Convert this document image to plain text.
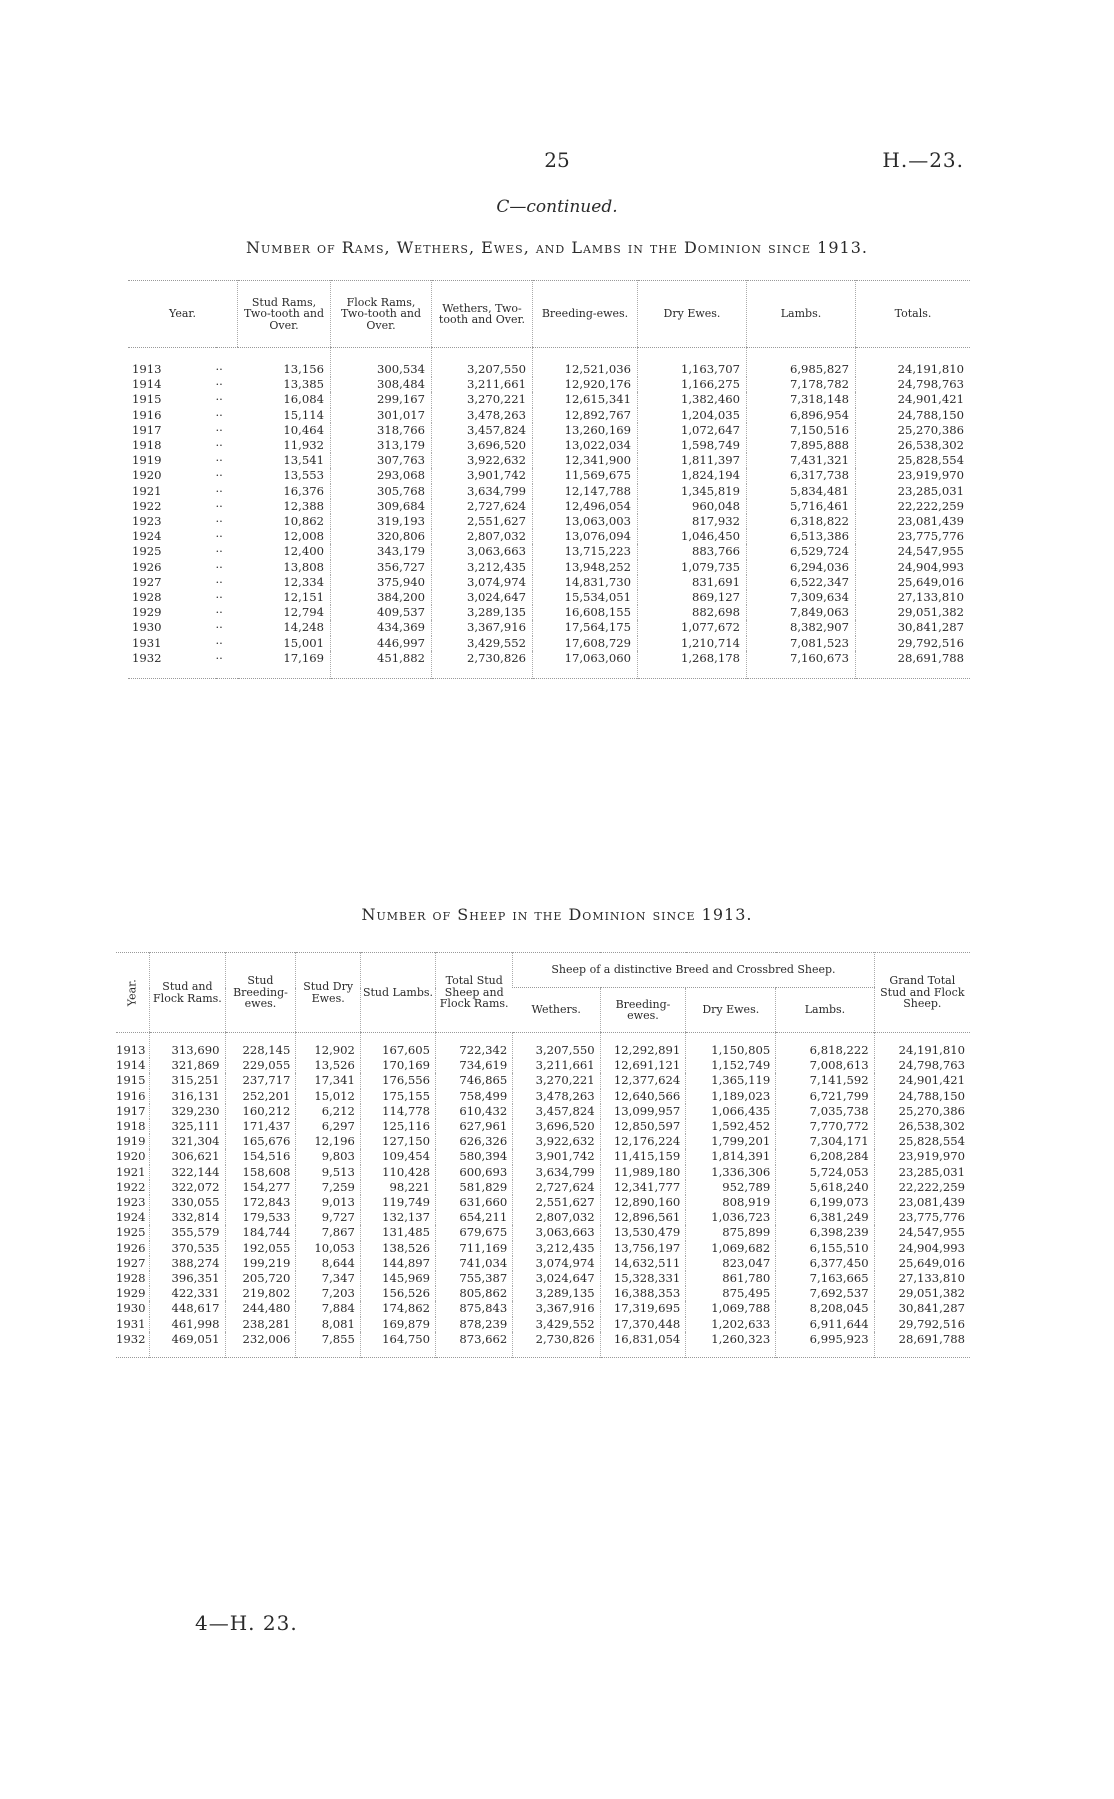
25	H.—23.
C—continued.
Number of Rams, Wethers, Ewes, and Lambs in the Dominion since 1913.
Year.		Stud Rams, Two-tooth and Over.	Flock Rams, Two-tooth and Over.	Wethers, Two-tooth and Over.	Breeding-ewes.	Dry Ewes.	Lambs.	Totals.
1913	··	13,156	300,534	3,207,550	12,521,036	1,163,707	6,985,827	24,191,810
1914	··	13,385	308,484	3,211,661	12,920,176	1,166,275	7,178,782	24,798,763
1915	··	16,084	299,167	3,270,221	12,615,341	1,382,460	7,318,148	24,901,421
1916	··	15,114	301,017	3,478,263	12,892,767	1,204,035	6,896,954	24,788,150
1917	··	10,464	318,766	3,457,824	13,260,169	1,072,647	7,150,516	25,270,386
1918	··	11,932	313,179	3,696,520	13,022,034	1,598,749	7,895,888	26,538,302
1919	··	13,541	307,763	3,922,632	12,341,900	1,811,397	7,431,321	25,828,554
1920	··	13,553	293,068	3,901,742	11,569,675	1,824,194	6,317,738	23,919,970
1921	··	16,376	305,768	3,634,799	12,147,788	1,345,819	5,834,481	23,285,031
1922	··	12,388	309,684	2,727,624	12,496,054	960,048	5,716,461	22,222,259
1923	··	10,862	319,193	2,551,627	13,063,003	817,932	6,318,822	23,081,439
1924	··	12,008	320,806	2,807,032	13,076,094	1,046,450	6,513,386	23,775,776
1925	··	12,400	343,179	3,063,663	13,715,223	883,766	6,529,724	24,547,955
1926	··	13,808	356,727	3,212,435	13,948,252	1,079,735	6,294,036	24,904,993
1927	··	12,334	375,940	3,074,974	14,831,730	831,691	6,522,347	25,649,016
1928	··	12,151	384,200	3,024,647	15,534,051	869,127	7,309,634	27,133,810
1929	··	12,794	409,537	3,289,135	16,608,155	882,698	7,849,063	29,051,382
1930	··	14,248	434,369	3,367,916	17,564,175	1,077,672	8,382,907	30,841,287
1931	··	15,001	446,997	3,429,552	17,608,729	1,210,714	7,081,523	29,792,516
1932	··	17,169	451,882	2,730,826	17,063,060	1,268,178	7,160,673	28,691,788
Number of Sheep in the Dominion since 1913.
Year.	Stud and Flock Rams.	Stud Breeding-ewes.	Stud Dry Ewes.	Stud Lambs.	Total Stud Sheep and Flock Rams.	Sheep of a distinctive Breed and Crossbred Sheep.				Grand Total Stud and Flock Sheep.
						Wethers.	Breeding-ewes.	Dry Ewes.	Lambs.	
1913	313,690	228,145	12,902	167,605	722,342	3,207,550	12,292,891	1,150,805	6,818,222	24,191,810
1914	321,869	229,055	13,526	170,169	734,619	3,211,661	12,691,121	1,152,749	7,008,613	24,798,763
1915	315,251	237,717	17,341	176,556	746,865	3,270,221	12,377,624	1,365,119	7,141,592	24,901,421
1916	316,131	252,201	15,012	175,155	758,499	3,478,263	12,640,566	1,189,023	6,721,799	24,788,150
1917	329,230	160,212	6,212	114,778	610,432	3,457,824	13,099,957	1,066,435	7,035,738	25,270,386
1918	325,111	171,437	6,297	125,116	627,961	3,696,520	12,850,597	1,592,452	7,770,772	26,538,302
1919	321,304	165,676	12,196	127,150	626,326	3,922,632	12,176,224	1,799,201	7,304,171	25,828,554
1920	306,621	154,516	9,803	109,454	580,394	3,901,742	11,415,159	1,814,391	6,208,284	23,919,970
1921	322,144	158,608	9,513	110,428	600,693	3,634,799	11,989,180	1,336,306	5,724,053	23,285,031
1922	322,072	154,277	7,259	98,221	581,829	2,727,624	12,341,777	952,789	5,618,240	22,222,259
1923	330,055	172,843	9,013	119,749	631,660	2,551,627	12,890,160	808,919	6,199,073	23,081,439
1924	332,814	179,533	9,727	132,137	654,211	2,807,032	12,896,561	1,036,723	6,381,249	23,775,776
1925	355,579	184,744	7,867	131,485	679,675	3,063,663	13,530,479	875,899	6,398,239	24,547,955
1926	370,535	192,055	10,053	138,526	711,169	3,212,435	13,756,197	1,069,682	6,155,510	24,904,993
1927	388,274	199,219	8,644	144,897	741,034	3,074,974	14,632,511	823,047	6,377,450	25,649,016
1928	396,351	205,720	7,347	145,969	755,387	3,024,647	15,328,331	861,780	7,163,665	27,133,810
1929	422,331	219,802	7,203	156,526	805,862	3,289,135	16,388,353	875,495	7,692,537	29,051,382
1930	448,617	244,480	7,884	174,862	875,843	3,367,916	17,319,695	1,069,788	8,208,045	30,841,287
1931	461,998	238,281	8,081	169,879	878,239	3,429,552	17,370,448	1,202,633	6,911,644	29,792,516
1932	469,051	232,006	7,855	164,750	873,662	2,730,826	16,831,054	1,260,323	6,995,923	28,691,788
4—H. 23.
